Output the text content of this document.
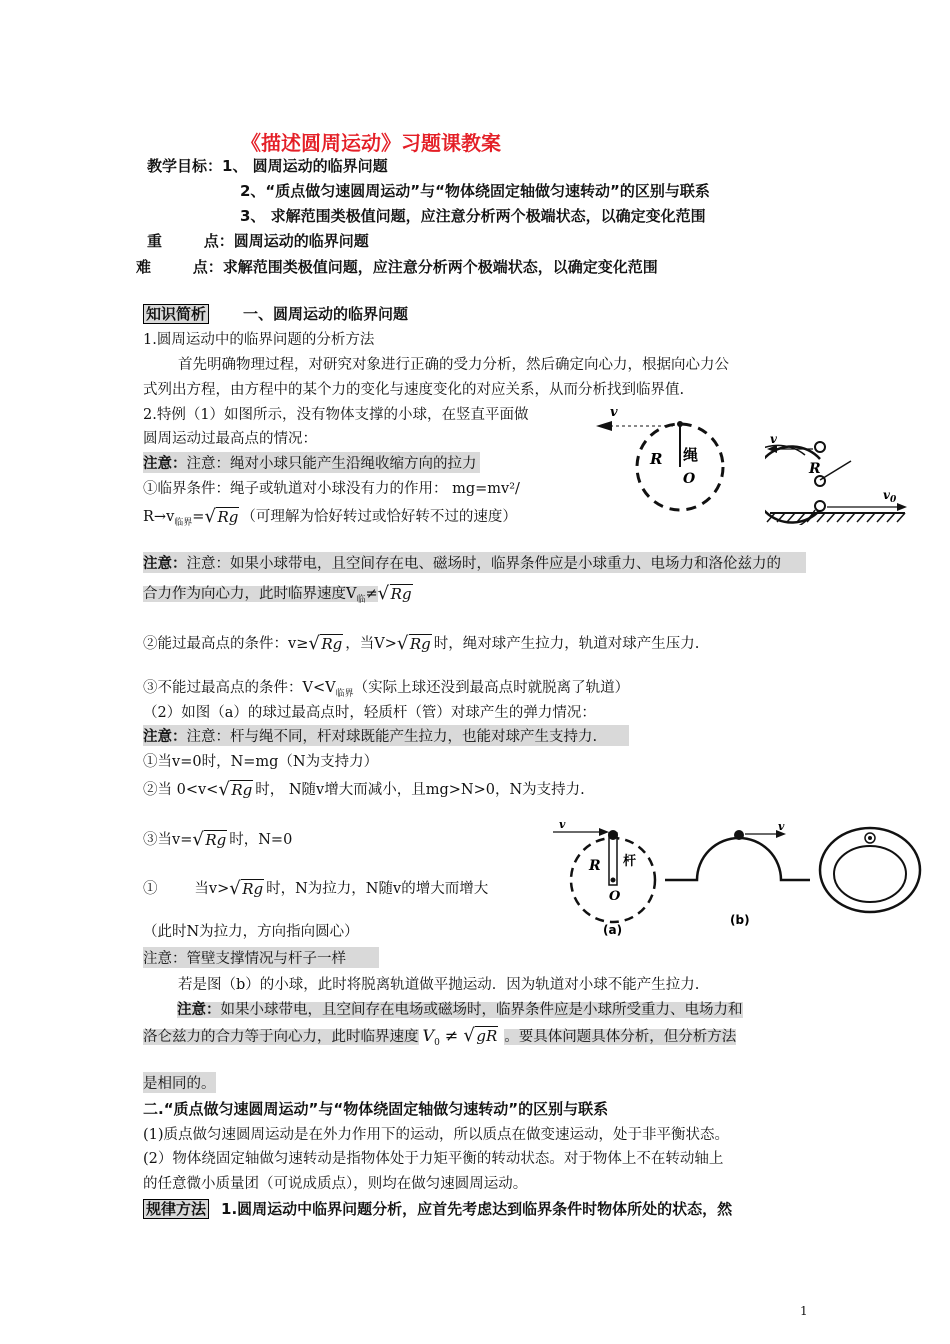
《描述圆周运动》习题课教案
教学目标：1、 圆周运动的临界问题
2、“质点做匀速圆周运动”与“物体绕固定轴做匀速转动”的区别与联系
3、 求解范围类极值问题，应注意分析两个极端状态，以确定变化范围
重        点：圆周运动的临界问题
难        点：求解范围类极值问题，应注意分析两个极端状态，以确定变化范围
知识简析 一、圆周运动的临界问题
1.圆周运动中的临界问题的分析方法
首先明确物理过程，对研究对象进行正确的受力分析，然后确定向心力，根据向心力公
式列出方程，由方程中的某个力的变化与速度变化的对应关系，从而分析找到临界值.
2.特例（1）如图所示，没有物体支撑的小球，在竖直平面做
圆周运动过最高点的情况：
注意：注意：绳对小球只能产生沿绳收缩方向的拉力
①临界条件：绳子或轨道对小球没有力的作用： mg=mv²/
$R\to v_{临界}=√$ Rg （可理解为恰好转过或恰好转不过的速度）
注意：注意：如果小球带电，且空间存在电、磁场时，临界条件应是小球重力、电场力和洛伦兹力的
合力作为向心力，此时临界速度$V_临\ne√$ Rg
②能过最高点的条件：v≥√ Rg ，当V>√ Rg 时，绳对球产生拉力，轨道对球产生压力.
③不能过最高点的条件：$V<V_{临界}$（实际上球还没到最高点时就脱离了轨道）
（2）如图（a）的球过最高点时，轻质杆（管）对球产生的弹力情况：
注意：注意：杆与绳不同，杆对球既能产生拉力，也能对球产生支持力.
①当v=0时，N=mg（N为支持力）
②当 0<v<√ Rg 时， N随v增大而减小，且mg>N>0，N为支持力.
③当v=√ Rg 时，N=0
①        当v>√ Rg 时，N为拉力，N随v的增大而增大
（此时N为拉力，方向指向圆心）
注意：管壁支撑情况与杆子一样
若是图（b）的小球，此时将脱离轨道做平抛运动．因为轨道对小球不能产生拉力.
注意：如果小球带电，且空间存在电场或磁场时，临界条件应是小球所受重力、电场力和
洛仑兹力的合力等于向心力，此时临界速度 $V_0$ ≠ √ gR 。要具体问题具体分析，但分析方法
是相同的。
二.“质点做匀速圆周运动”与“物体绕固定轴做匀速转动”的区别与联系
(1)质点做匀速圆周运动是在外力作用下的运动，所以质点在做变速运动，处于非平衡状态。
(2）物体绕固定轴做匀速转动是指物体处于力矩平衡的转动状态。对于物体上不在转动轴上
的任意微小质量团（可说成质点），则均在做匀速圆周运动。
规律方法 1.圆周运动中临界问题分析，应首先考虑达到临界条件时物体所处的状态，然
1
v
R 绳
O
v
R
$v_0$
v
R 杆
O
(a)
v
(b)
